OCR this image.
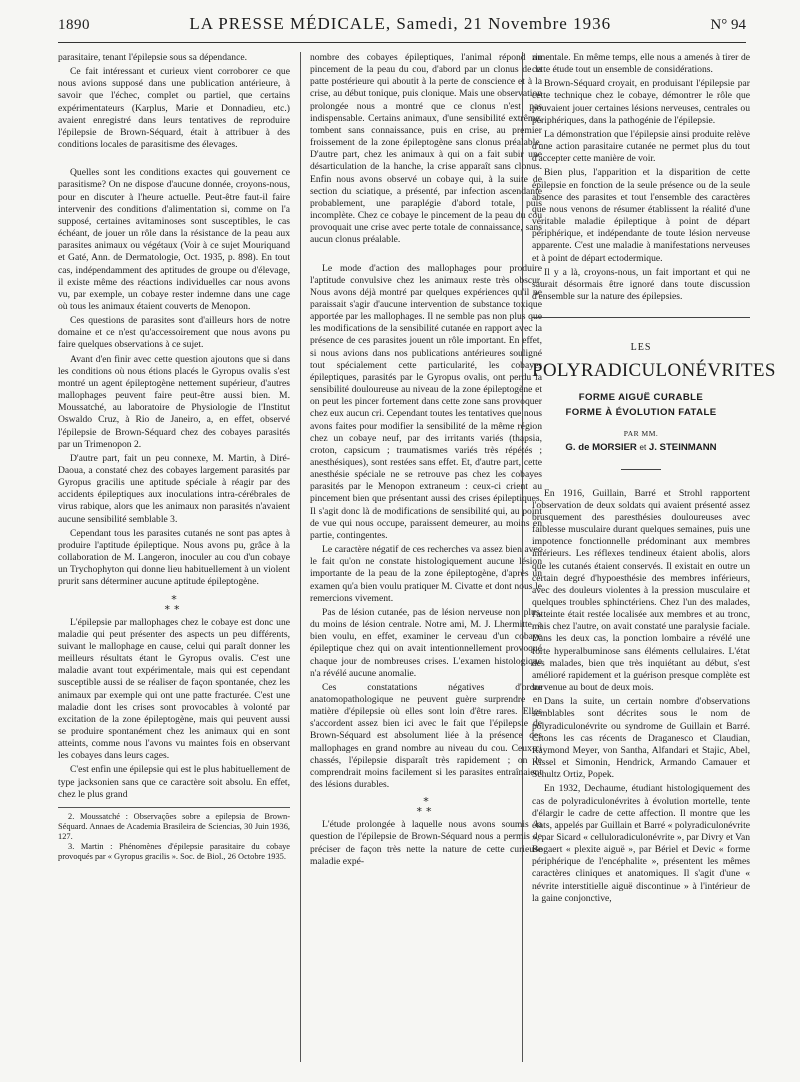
1890	LA PRESSE MÉDICALE, Samedi, 21 Novembre 1936	N° 94

parasitaire, tenant l'épilepsie sous sa dépendance.

Ce fait intéressant et curieux vient corroborer ce que nous avions supposé dans une publication antérieure, à savoir que l'échec, complet ou partiel, que certains expérimentateurs (Karplus, Marie et Donnadieu, etc.) avaient enregistré dans leurs tentatives de reproduire l'épilepsie de Brown-Séquard, était à attribuer à des conditions locales de parasitisme des élevages.

Quelles sont les conditions exactes qui gouvernent ce parasitisme? On ne dispose d'aucune donnée, croyons-nous, pour en discuter à l'heure actuelle. Peut-être faut-il faire intervenir des conditions d'alimentation si, comme on l'a supposé, certaines avitaminoses sont susceptibles, le cas échéant, de jouer un rôle dans la résistance de la peau aux parasites animaux ou végétaux (Voir à ce sujet Mouriquand et Gaté, Ann. de Dermatologie, Oct. 1935, p. 898). En tout cas, indépendamment des aptitudes de groupe ou d'élevage, il existe même des réactions individuelles car nous avons vu, par exemple, un cobaye rester indemne dans une cage où tous les animaux étaient couverts de Menopon.

Ces questions de parasites sont d'ailleurs hors de notre domaine et ce n'est qu'accessoirement que nous avons pu faire quelques observations à ce sujet.

Avant d'en finir avec cette question ajoutons que si dans les conditions où nous étions placés le Gyropus ovalis s'est montré un agent épileptogène nettement supérieur, d'autres mallophages peuvent faire peut-être aussi bien. M. Moussatché, au laboratoire de Physiologie de l'Institut Oswaldo Cruz, à Rio de Janeiro, a, en effet, observé l'épilepsie de Brown-Séquard chez des cobayes parasités par un Trimenopon 2.

D'autre part, fait un peu connexe, M. Martin, à Diré-Daoua, a constaté chez des cobayes largement parasités par Gyropus gracilis une aptitude spéciale à réagir par des accidents épileptiques aux inoculations intra-cérébrales de virus rabique, alors que les animaux non parasités n'avaient aucune sensibilité semblable 3.

Cependant tous les parasites cutanés ne sont pas aptes à produire l'aptitude épileptique. Nous avons pu, grâce à la collaboration de M. Langeron, inoculer au cou d'un cobaye un Trychophyton qui donne lieu habituellement à un violent prurit sans déterminer aucune aptitude épileptogène.

*
**

L'épilepsie par mallophages chez le cobaye est donc une maladie qui peut présenter des aspects un peu différents, suivant le mallophage en cause, celui qui paraît donner les meilleurs résultats étant le Gyropus ovalis. C'est une maladie avant tout expérimentale, mais qui est cependant susceptible aussi de se réaliser de façon spontanée, chez les animaux par exemple qui ont une patte fracturée. C'est une maladie dont les crises sont provocables à volonté par excitation de la zone épileptogène, mais qui peuvent aussi se produire spontanément chez les animaux qui en sont atteints, comme nous l'avons vu maintes fois en observant les cobayes dans leurs cages.

C'est enfin une épilepsie qui est le plus habituellement de type jacksonien sans que ce caractère soit absolu. En effet, chez le plus grand

2. Moussatché : Observações sobre a epilepsia de Brown-Séquard. Annaes de Academia Brasileira de Sciencias, 30 Juin 1936, 127.

3. Martin : Phénomènes d'épilepsie parasitaire du cobaye provoqués par « Gyropus gracilis ». Soc. de Biol., 26 Octobre 1935.

nombre des cobayes épileptiques, l'animal répond au pincement de la peau du cou, d'abord par un clonus de la patte postérieure qui aboutit à la perte de conscience et à la crise, au début tonique, puis clonique. Mais une observation prolongée nous a montré que ce clonus n'est pas indispensable. Certains animaux, d'une sensibilité extrême, tombent sans connaissance, puis en crise, au premier froissement de la zone épileptogène sans clonus préalable. D'autre part, chez les animaux à qui on a fait subir une désarticulation de la hanche, la crise apparaît sans clonus. Enfin nous avons observé un cobaye qui, à la suite de section du sciatique, a présenté, par infection ascendante probablement, une paraplégie d'abord totale, puis incomplète. Chez ce cobaye le pincement de la peau du cou provoquait une crise avec perte totale de connaissance, sans aucun clonus préalable.

Le mode d'action des mallophages pour produire l'aptitude convulsive chez les animaux reste très obscur. Nous avons déjà montré par quelques expériences qu'il ne paraissait s'agir d'aucune intervention de substance toxique apportée par les mallophages. Il ne semble pas non plus que les modifications de la sensibilité cutanée en rapport avec la présence de ces parasites jouent un rôle important. En effet, si nous avions dans nos publications antérieures souligné tout spécialement cette particularité, les cobayes épileptiques, parasités par le Gyropus ovalis, ont perdu la sensibilité douloureuse au niveau de la zone épileptogène et on peut les pincer fortement dans cette zone sans provoquer chez eux aucun cri. Cependant toutes les tentatives que nous avons faites pour modifier la sensibilité de la même région chez un cobaye neuf, par des irritants variés (thapsia, croton, capsicum ; traumatismes variés très répétés ; anesthésiques), sont restées sans effet. Et, d'autre part, cette anesthésie spéciale ne se retrouve pas chez les cobayes parasités par le Menopon extraneum : ceux-ci crient au pincement bien que présentant aussi des crises épileptiques. Il s'agit donc là de modifications de sensibilité qui, au point de vue qui nous occupe, paraissent demeurer, au moins en partie, contingentes.

Le caractère négatif de ces recherches va assez bien avec le fait qu'on ne constate histologiquement aucune lésion importante de la peau de la zone épileptogène, d'après un examen qu'a bien voulu pratiquer M. Civatte et dont nous le remercions vivement.

Pas de lésion cutanée, pas de lésion nerveuse non plus, du moins de lésion centrale. Notre ami, M. J. Lhermitte, a bien voulu, en effet, examiner le cerveau d'un cobaye épileptique chez qui on avait intentionnellement provoqué chaque jour de nombreuses crises. L'examen histologique n'a révélé aucune anomalie.

Ces constatations négatives d'ordre anatomopathologique ne peuvent guère surprendre en matière d'épilepsie où elles sont loin d'être rares. Elles s'accordent assez bien ici avec le fait que l'épilepsie de Brown-Séquard est absolument liée à la présence des mallophages en grand nombre au niveau du cou. Ceux-ci chassés, l'épilepsie disparaît très rapidement ; on le comprendrait moins facilement si les parasites entraînaient des lésions durables.

*
**

L'étude prolongée à laquelle nous avons soumis la question de l'épilepsie de Brown-Séquard nous a permis de préciser de façon très nette la nature de cette curieuse maladie expé-

rimentale. En même temps, elle nous a amenés à tirer de cette étude tout un ensemble de considérations.

Brown-Séquard croyait, en produisant l'épilepsie par cette technique chez le cobaye, démontrer le rôle que pouvaient jouer certaines lésions nerveuses, centrales ou périphériques, dans la pathogénie de l'épilepsie.

La démonstration que l'épilepsie ainsi produite relève d'une action parasitaire cutanée ne permet plus du tout d'accepter cette manière de voir.

Bien plus, l'apparition et la disparition de cette épilepsie en fonction de la seule présence ou de la seule absence des parasites et tout l'ensemble des caractères que nous venons de résumer établissent la réalité d'une véritable maladie épileptique à point de départ périphérique, et indépendante de toute lésion nerveuse apparente. C'est une maladie à manifestations nerveuses et à point de départ ectodermique.

Il y a là, croyons-nous, un fait important et qui ne saurait désormais être ignoré dans toute discussion d'ensemble sur la nature des épilepsies.

LES
POLYRADICULONÉVRITES
FORME AIGUË CURABLE
FORME À ÉVOLUTION FATALE
PAR MM.
G. de MORSIER et J. STEINMANN

En 1916, Guillain, Barré et Strohl rapportent l'observation de deux soldats qui avaient présenté assez brusquement des paresthésies douloureuses avec faiblesse musculaire durant quelques semaines, puis une impotence fonctionnelle prédominant aux membres inférieurs. Les réflexes tendineux étaient abolis, alors que les cutanés étaient conservés. Il existait en outre un certain degré d'hypoesthésie des membres inférieurs, avec des douleurs violentes à la pression musculaire et quelques troubles sphinctériens. Chez l'un des malades, l'atteinte était restée localisée aux membres et au tronc, mais chez l'autre, on avait constaté une paralysie faciale. Dans les deux cas, la ponction lombaire a révélé une forte hyperalbuminose sans éléments cellulaires. L'état des malades, bien que très inquiétant au début, s'est amélioré rapidement et la guérison presque complète est survenue au bout de deux mois.

Dans la suite, un certain nombre d'observations semblables sont décrites sous le nom de polyradiculonévrite ou syndrome de Guillain et Barré. Citons les cas récents de Draganesco et Claudian, Raymond Meyer, von Santha, Alfandari et Stajic, Abel, Kissel et Simonin, Hendrick, Armando Camauer et Schultz Ortiz, Popek.

En 1932, Dechaume, étudiant histologiquement des cas de polyradiculonévrites à évolution mortelle, tente d'élargir le cadre de cette affection. Il montre que les états, appelés par Guillain et Barré « polyradiculonévrite », par Sicard « celluloradiculonévrite », par Divry et Van Bogaert « plexite aiguë », par Bériel et Devic « forme périphérique de l'encéphalite », présentent les mêmes caractères cliniques et anatomiques. Il s'agit d'une « névrite interstitielle aiguë discontinue » à l'intérieur de la gaine conjonctive,
